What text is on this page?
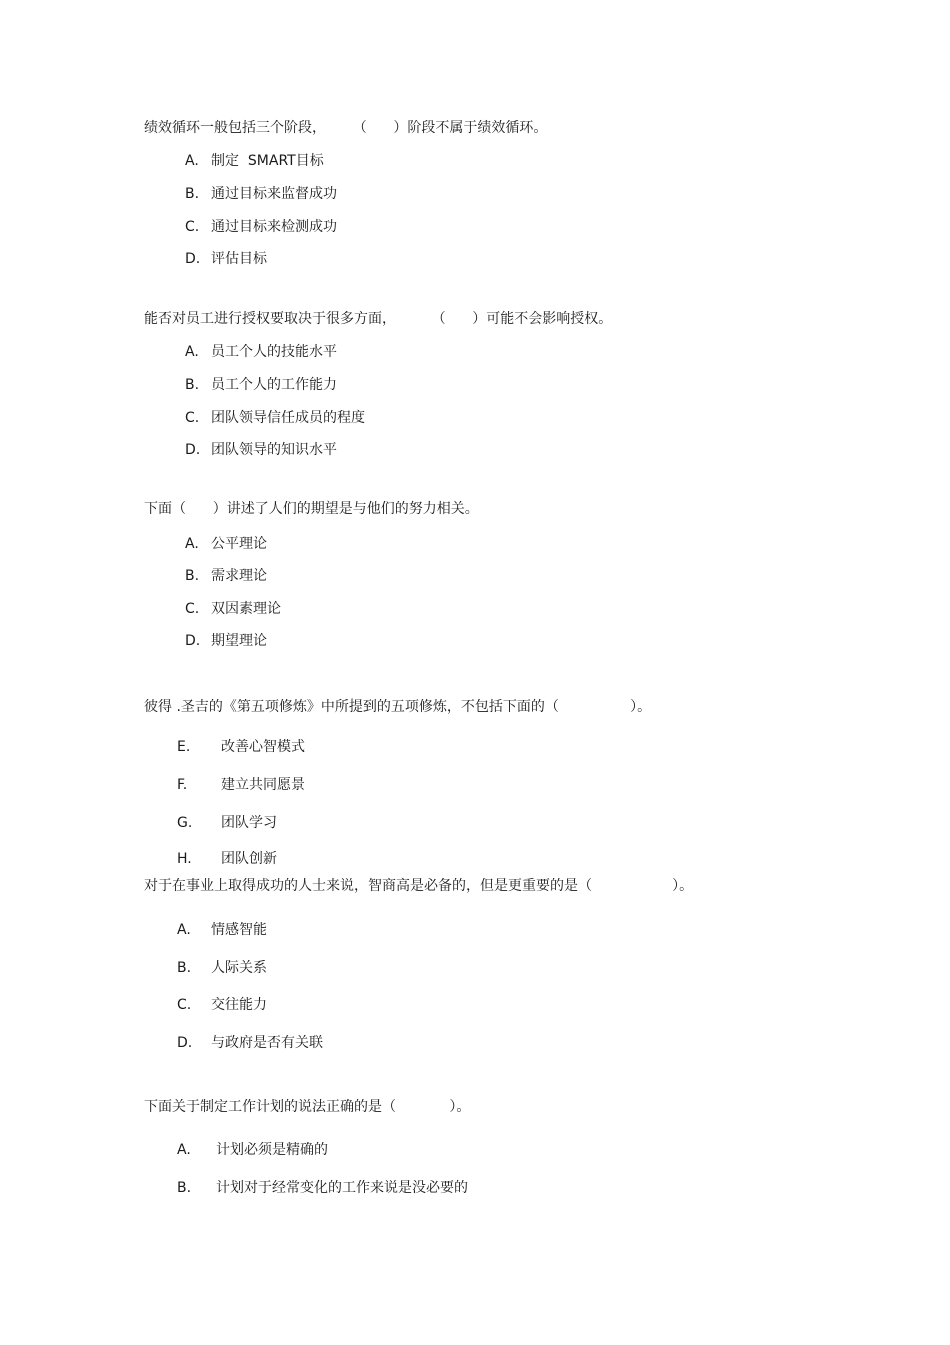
绩效循环一般包括三个阶段，      （      ）阶段不属于绩效循环。
A. 制定  SMART目标
B. 通过目标来监督成功
C. 通过目标来检测成功
D. 评估目标
能否对员工进行授权要取决于很多方面，        （      ）可能不会影响授权。
A. 员工个人的技能水平
B. 员工个人的工作能力
C. 团队领导信任成员的程度
D. 团队领导的知识水平
下面（      ）讲述了人们的期望是与他们的努力相关。
A. 公平理论
B. 需求理论
C. 双因素理论
D. 期望理论
彼得 .圣吉的《第五项修炼》中所提到的五项修炼，不包括下面的（                ）。
E. 改善心智模式
F. 建立共同愿景
G. 团队学习
H. 团队创新
对于在事业上取得成功的人士来说，智商高是必备的，但是更重要的是（                  ）。
A. 情感智能
B. 人际关系
C. 交往能力
D. 与政府是否有关联
下面关于制定工作计划的说法正确的是（            ）。
A. 计划必须是精确的
B. 计划对于经常变化的工作来说是没必要的
